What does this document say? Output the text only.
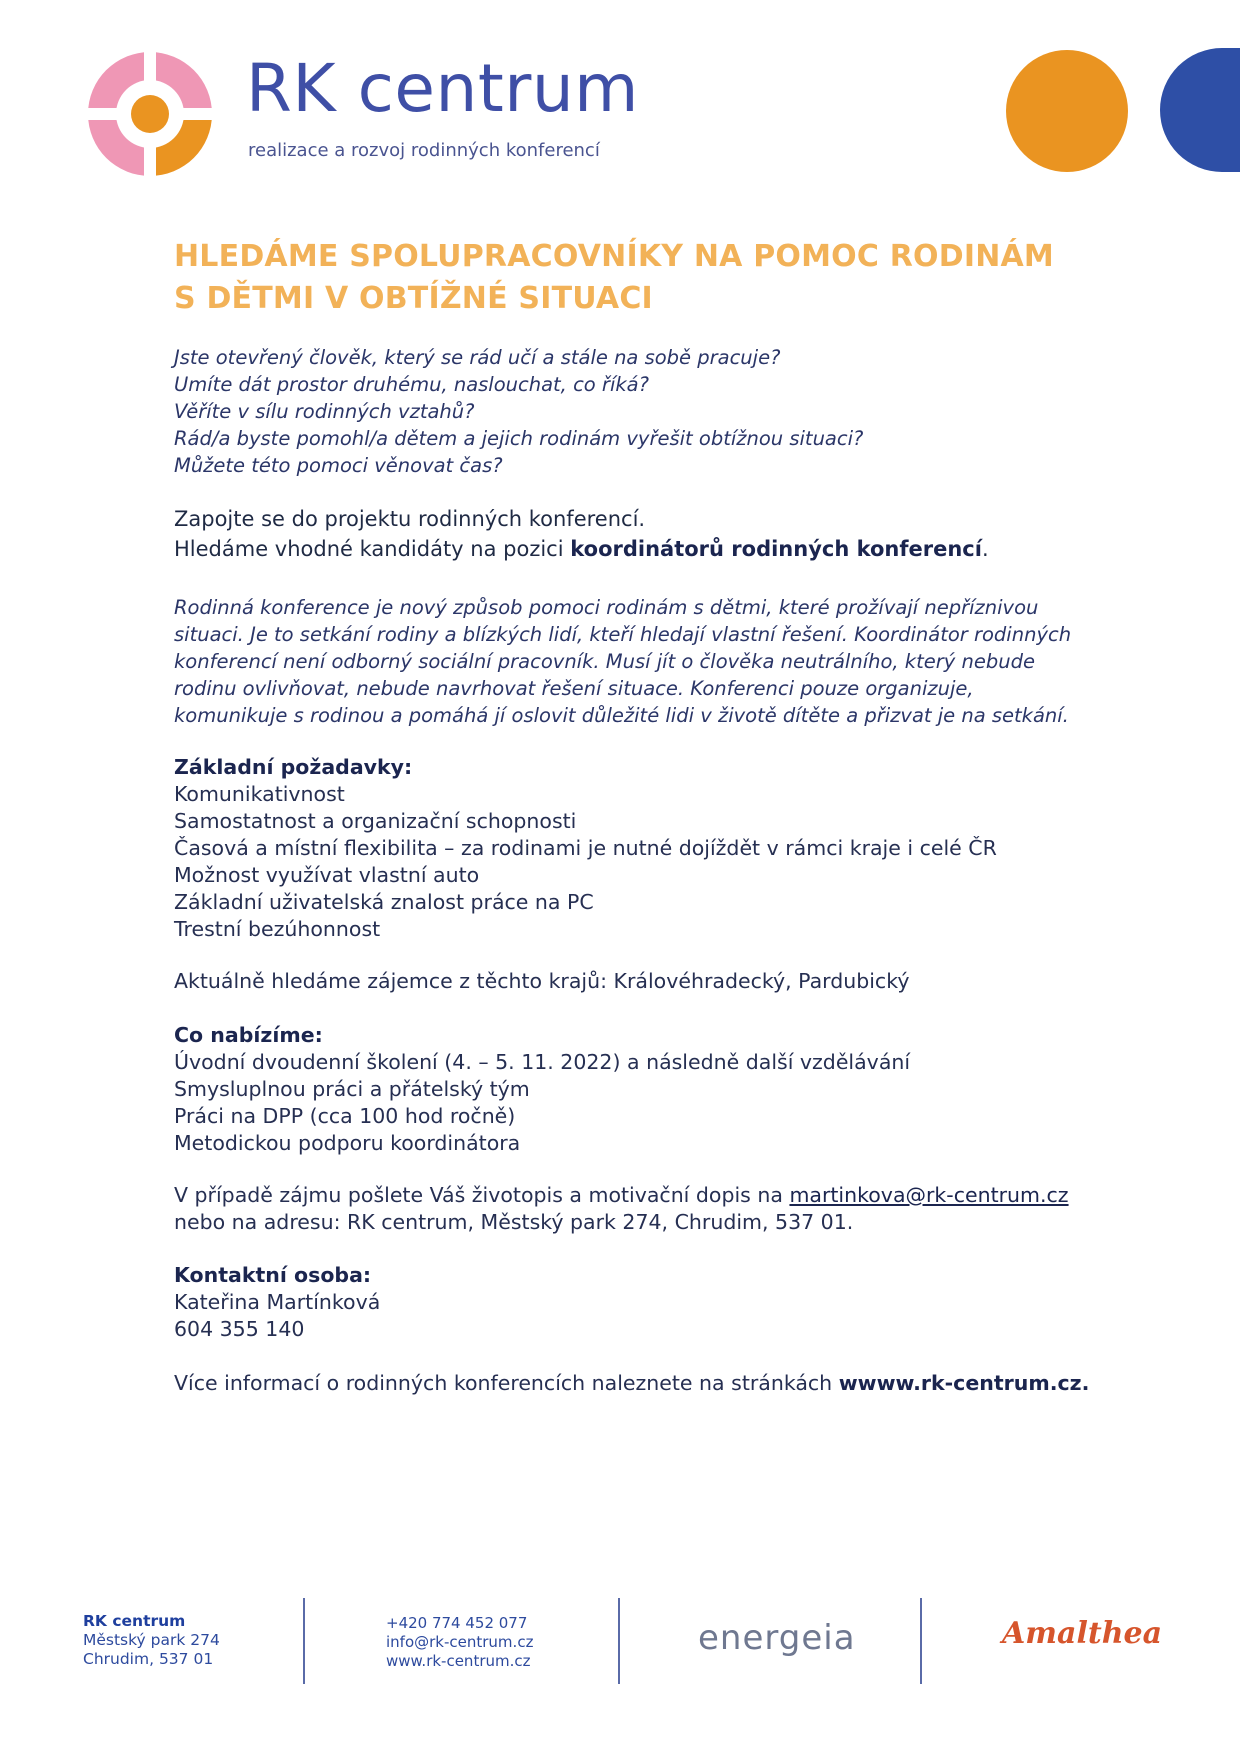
RK centrum
realizace a rozvoj rodinných konferencí
HLEDÁME SPOLUPRACOVNÍKY NA POMOC RODINÁM
S DĚTMI V OBTÍŽNÉ SITUACI

Jste otevřený člověk, který se rád učí a stále na sobě pracuje?
Umíte dát prostor druhému, naslouchat, co říká?
Věříte v sílu rodinných vztahů?
Rád/a byste pomohl/a dětem a jejich rodinám vyřešit obtížnou situaci?
Můžete této pomoci věnovat čas?

Zapojte se do projektu rodinných konferencí.
Hledáme vhodné kandidáty na pozici koordinátorů rodinných konferencí.

Rodinná konference je nový způsob pomoci rodinám s dětmi, které prožívají nepříznivou
situaci. Je to setkání rodiny a blízkých lidí, kteří hledají vlastní řešení. Koordinátor rodinných
konferencí není odborný sociální pracovník. Musí jít o člověka neutrálního, který nebude
rodinu ovlivňovat, nebude navrhovat řešení situace. Konferenci pouze organizuje,
komunikuje s rodinou a pomáhá jí oslovit důležité lidi v životě dítěte a přizvat je na setkání.

Základní požadavky:
Komunikativnost
Samostatnost a organizační schopnosti
Časová a místní flexibilita – za rodinami je nutné dojíždět v rámci kraje i celé ČR
Možnost využívat vlastní auto
Základní uživatelská znalost práce na PC
Trestní bezúhonnost
Aktuálně hledáme zájemce z těchto krajů: Královéhradecký, Pardubický
Co nabízíme:
Úvodní dvoudenní školení (4. – 5. 11. 2022) a následně další vzdělávání
Smysluplnou práci a přátelský tým
Práci na DPP (cca 100 hod ročně)
Metodickou podporu koordinátora
V případě zájmu pošlete Váš životopis a motivační dopis na martinkova@rk-centrum.cz
nebo na adresu: RK centrum, Městský park 274, Chrudim, 537 01.
Kontaktní osoba:
Kateřina Martínková
604 355 140
Více informací o rodinných konferencích naleznete na stránkách wwww.rk-centrum.cz.
RK centrum
Městský park 274
Chrudim, 537 01
+420 774 452 077
info@rk-centrum.cz
www.rk-centrum.cz
energeia	Amalthea
